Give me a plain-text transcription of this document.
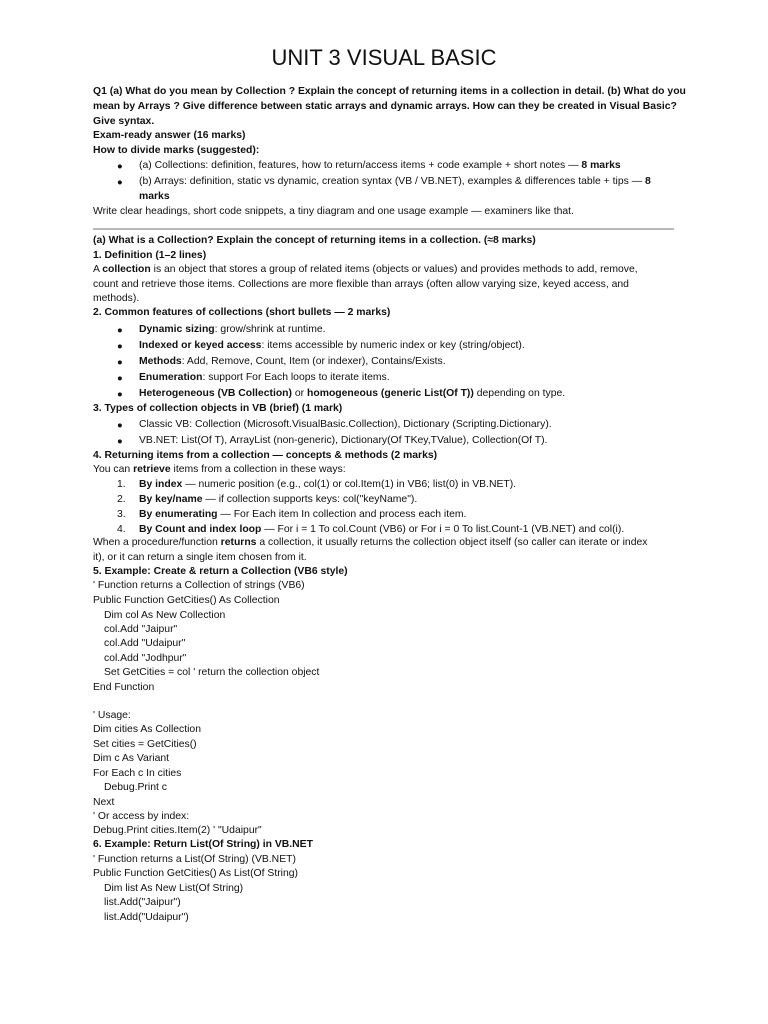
UNIT 3 VISUAL BASIC
Q1 (a) What do you mean by Collection ? Explain the concept of returning items in a collection in detail. (b) What do you
mean by Arrays ? Give difference between static arrays and dynamic arrays. How can they be created in Visual Basic?
Give syntax.
Exam-ready answer (16 marks)
How to divide marks (suggested):
● (a) Collections: definition, features, how to return/access items + code example + short notes — 8 marks
● (b) Arrays: definition, static vs dynamic, creation syntax (VB / VB.NET), examples & differences table + tips — 8
marks
Write clear headings, short code snippets, a tiny diagram and one usage example — examiners like that.
(a) What is a Collection? Explain the concept of returning items in a collection. (≈8 marks)
1. Definition (1–2 lines)
A collection is an object that stores a group of related items (objects or values) and provides methods to add, remove,
count and retrieve those items. Collections are more flexible than arrays (often allow varying size, keyed access, and
methods).
2. Common features of collections (short bullets — 2 marks)
● Dynamic sizing: grow/shrink at runtime.
● Indexed or keyed access: items accessible by numeric index or key (string/object).
● Methods: Add, Remove, Count, Item (or indexer), Contains/Exists.
● Enumeration: support For Each loops to iterate items.
● Heterogeneous (VB Collection) or homogeneous (generic List(Of T)) depending on type.
3. Types of collection objects in VB (brief) (1 mark)
● Classic VB: Collection (Microsoft.VisualBasic.Collection), Dictionary (Scripting.Dictionary).
● VB.NET: List(Of T), ArrayList (non-generic), Dictionary(Of TKey,TValue), Collection(Of T).
4. Returning items from a collection — concepts & methods (2 marks)
You can retrieve items from a collection in these ways:
1. By index — numeric position (e.g., col(1) or col.Item(1) in VB6; list(0) in VB.NET).
2. By key/name — if collection supports keys: col("keyName").
3. By enumerating — For Each item In collection and process each item.
4. By Count and index loop — For i = 1 To col.Count (VB6) or For i = 0 To list.Count-1 (VB.NET) and col(i).
When a procedure/function returns a collection, it usually returns the collection object itself (so caller can iterate or index
it), or it can return a single item chosen from it.
5. Example: Create & return a Collection (VB6 style)
' Function returns a Collection of strings (VB6)
Public Function GetCities() As Collection
Dim col As New Collection
col.Add "Jaipur"
col.Add "Udaipur"
col.Add "Jodhpur"
Set GetCities = col ' return the collection object
End Function
' Usage:
Dim cities As Collection
Set cities = GetCities()
Dim c As Variant
For Each c In cities
Debug.Print c
Next
' Or access by index:
Debug.Print cities.Item(2) ' "Udaipur"
6. Example: Return List(Of String) in VB.NET
' Function returns a List(Of String) (VB.NET)
Public Function GetCities() As List(Of String)
Dim list As New List(Of String)
list.Add("Jaipur")
list.Add("Udaipur")
